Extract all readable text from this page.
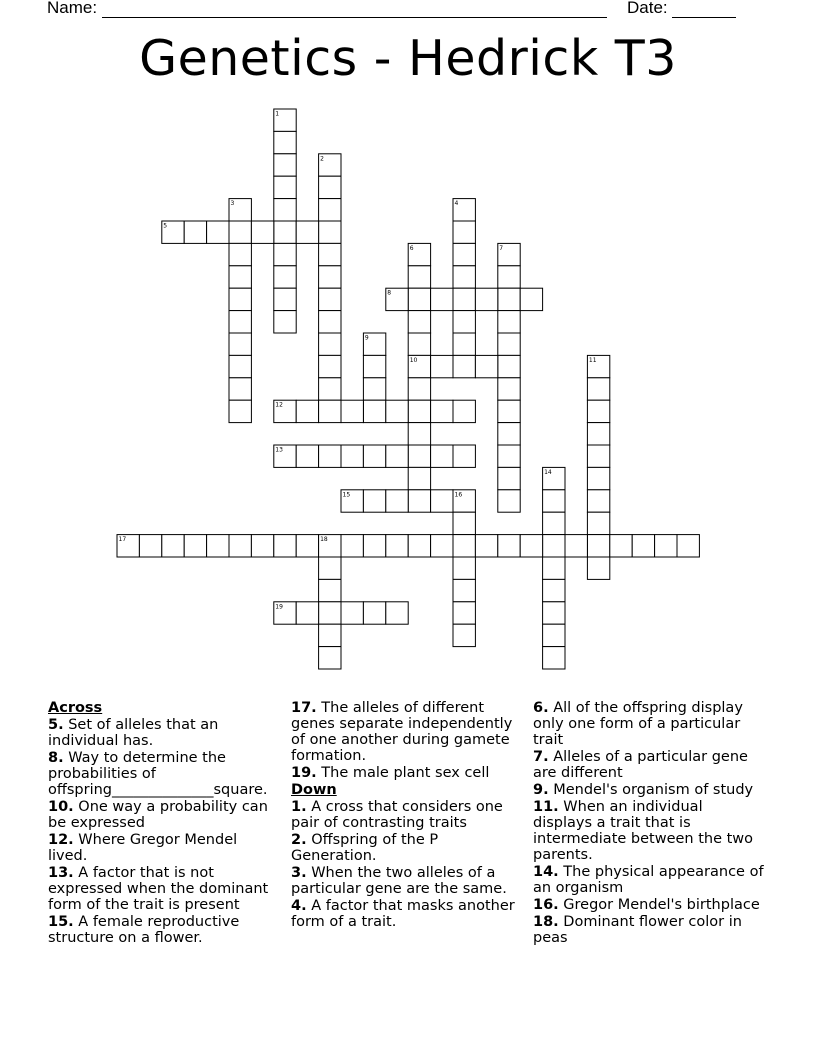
Name:	Date:
Genetics - Hedrick T3
1
2
3	4
5
6	7
8
9
10	11
12
13
14
15	16
17	18
19
Across
5. Set of alleles that an individual has.
8. Way to determine the probabilities of offspring______________square.
10. One way a probability can be expressed
12. Where Gregor Mendel lived.
13. A factor that is not expressed when the dominant form of the trait is present
15. A female reproductive structure on a flower.
17. The alleles of different genes separate independently of one another during gamete formation.
19. The male plant sex cell
Down
1. A cross that considers one pair of contrasting traits
2. Offspring of the P Generation.
3. When the two alleles of a particular gene are the same.
4. A factor that masks another form of a trait.
6. All of the offspring display only one form of a particular trait
7. Alleles of a particular gene are different
9. Mendel's organism of study
11. When an individual displays a trait that is intermediate between the two parents.
14. The physical appearance of an organism
16. Gregor Mendel's birthplace
18. Dominant flower color in peas
